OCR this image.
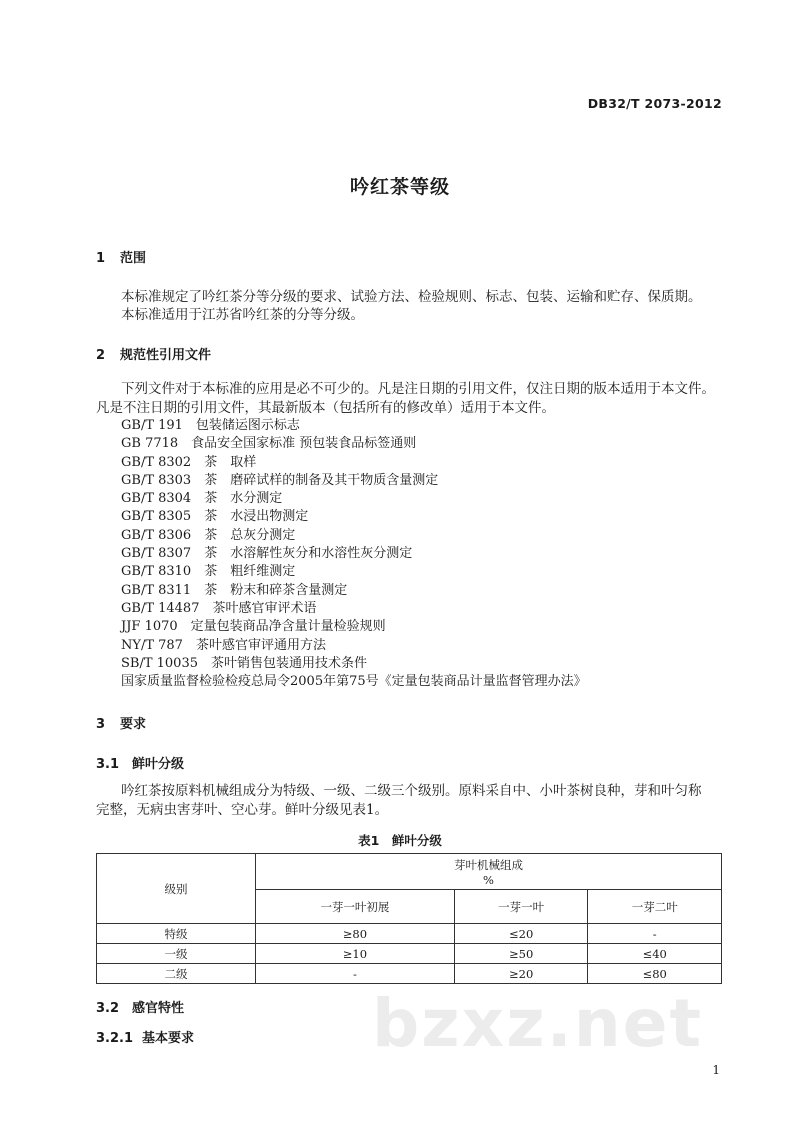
DB32/T 2073-2012
吟红茶等级
1 范围
本标准规定了吟红茶分等分级的要求、试验方法、检验规则、标志、包装、运输和贮存、保质期。
本标准适用于江苏省吟红茶的分等分级。
2 规范性引用文件
下列文件对于本标准的应用是必不可少的。凡是注日期的引用文件，仅注日期的版本适用于本文件。
凡是不注日期的引用文件，其最新版本（包括所有的修改单）适用于本文件。
GB/T 191　包装储运图示标志
GB 7718　食品安全国家标准 预包装食品标签通则
GB/T 8302　茶　取样
GB/T 8303　茶　磨碎试样的制备及其干物质含量测定
GB/T 8304　茶　水分测定
GB/T 8305　茶　水浸出物测定
GB/T 8306　茶　总灰分测定
GB/T 8307　茶　水溶解性灰分和水溶性灰分测定
GB/T 8310　茶　粗纤维测定
GB/T 8311　茶　粉末和碎茶含量测定
GB/T 14487　茶叶感官审评术语
JJF 1070　定量包装商品净含量计量检验规则
NY/T 787　茶叶感官审评通用方法
SB/T 10035　茶叶销售包装通用技术条件
国家质量监督检验检疫总局令2005年第75号《定量包装商品计量监督管理办法》
3 要求
3.1 鲜叶分级
吟红茶按原料机械组成分为特级、一级、二级三个级别。原料采自中、小叶茶树良种，芽和叶匀称
完整，无病虫害芽叶、空心芽。鲜叶分级见表1。
表1　鲜叶分级
级别	芽叶机械组成
%		

	一芽一叶初展	一芽一叶	一芽二叶
特级	≥80	≤20	-
一级	≥10	≥50	≤40
二级	-	≥20	≤80
3.2 感官特性
3.2.1 基本要求	bzxz.net
1
